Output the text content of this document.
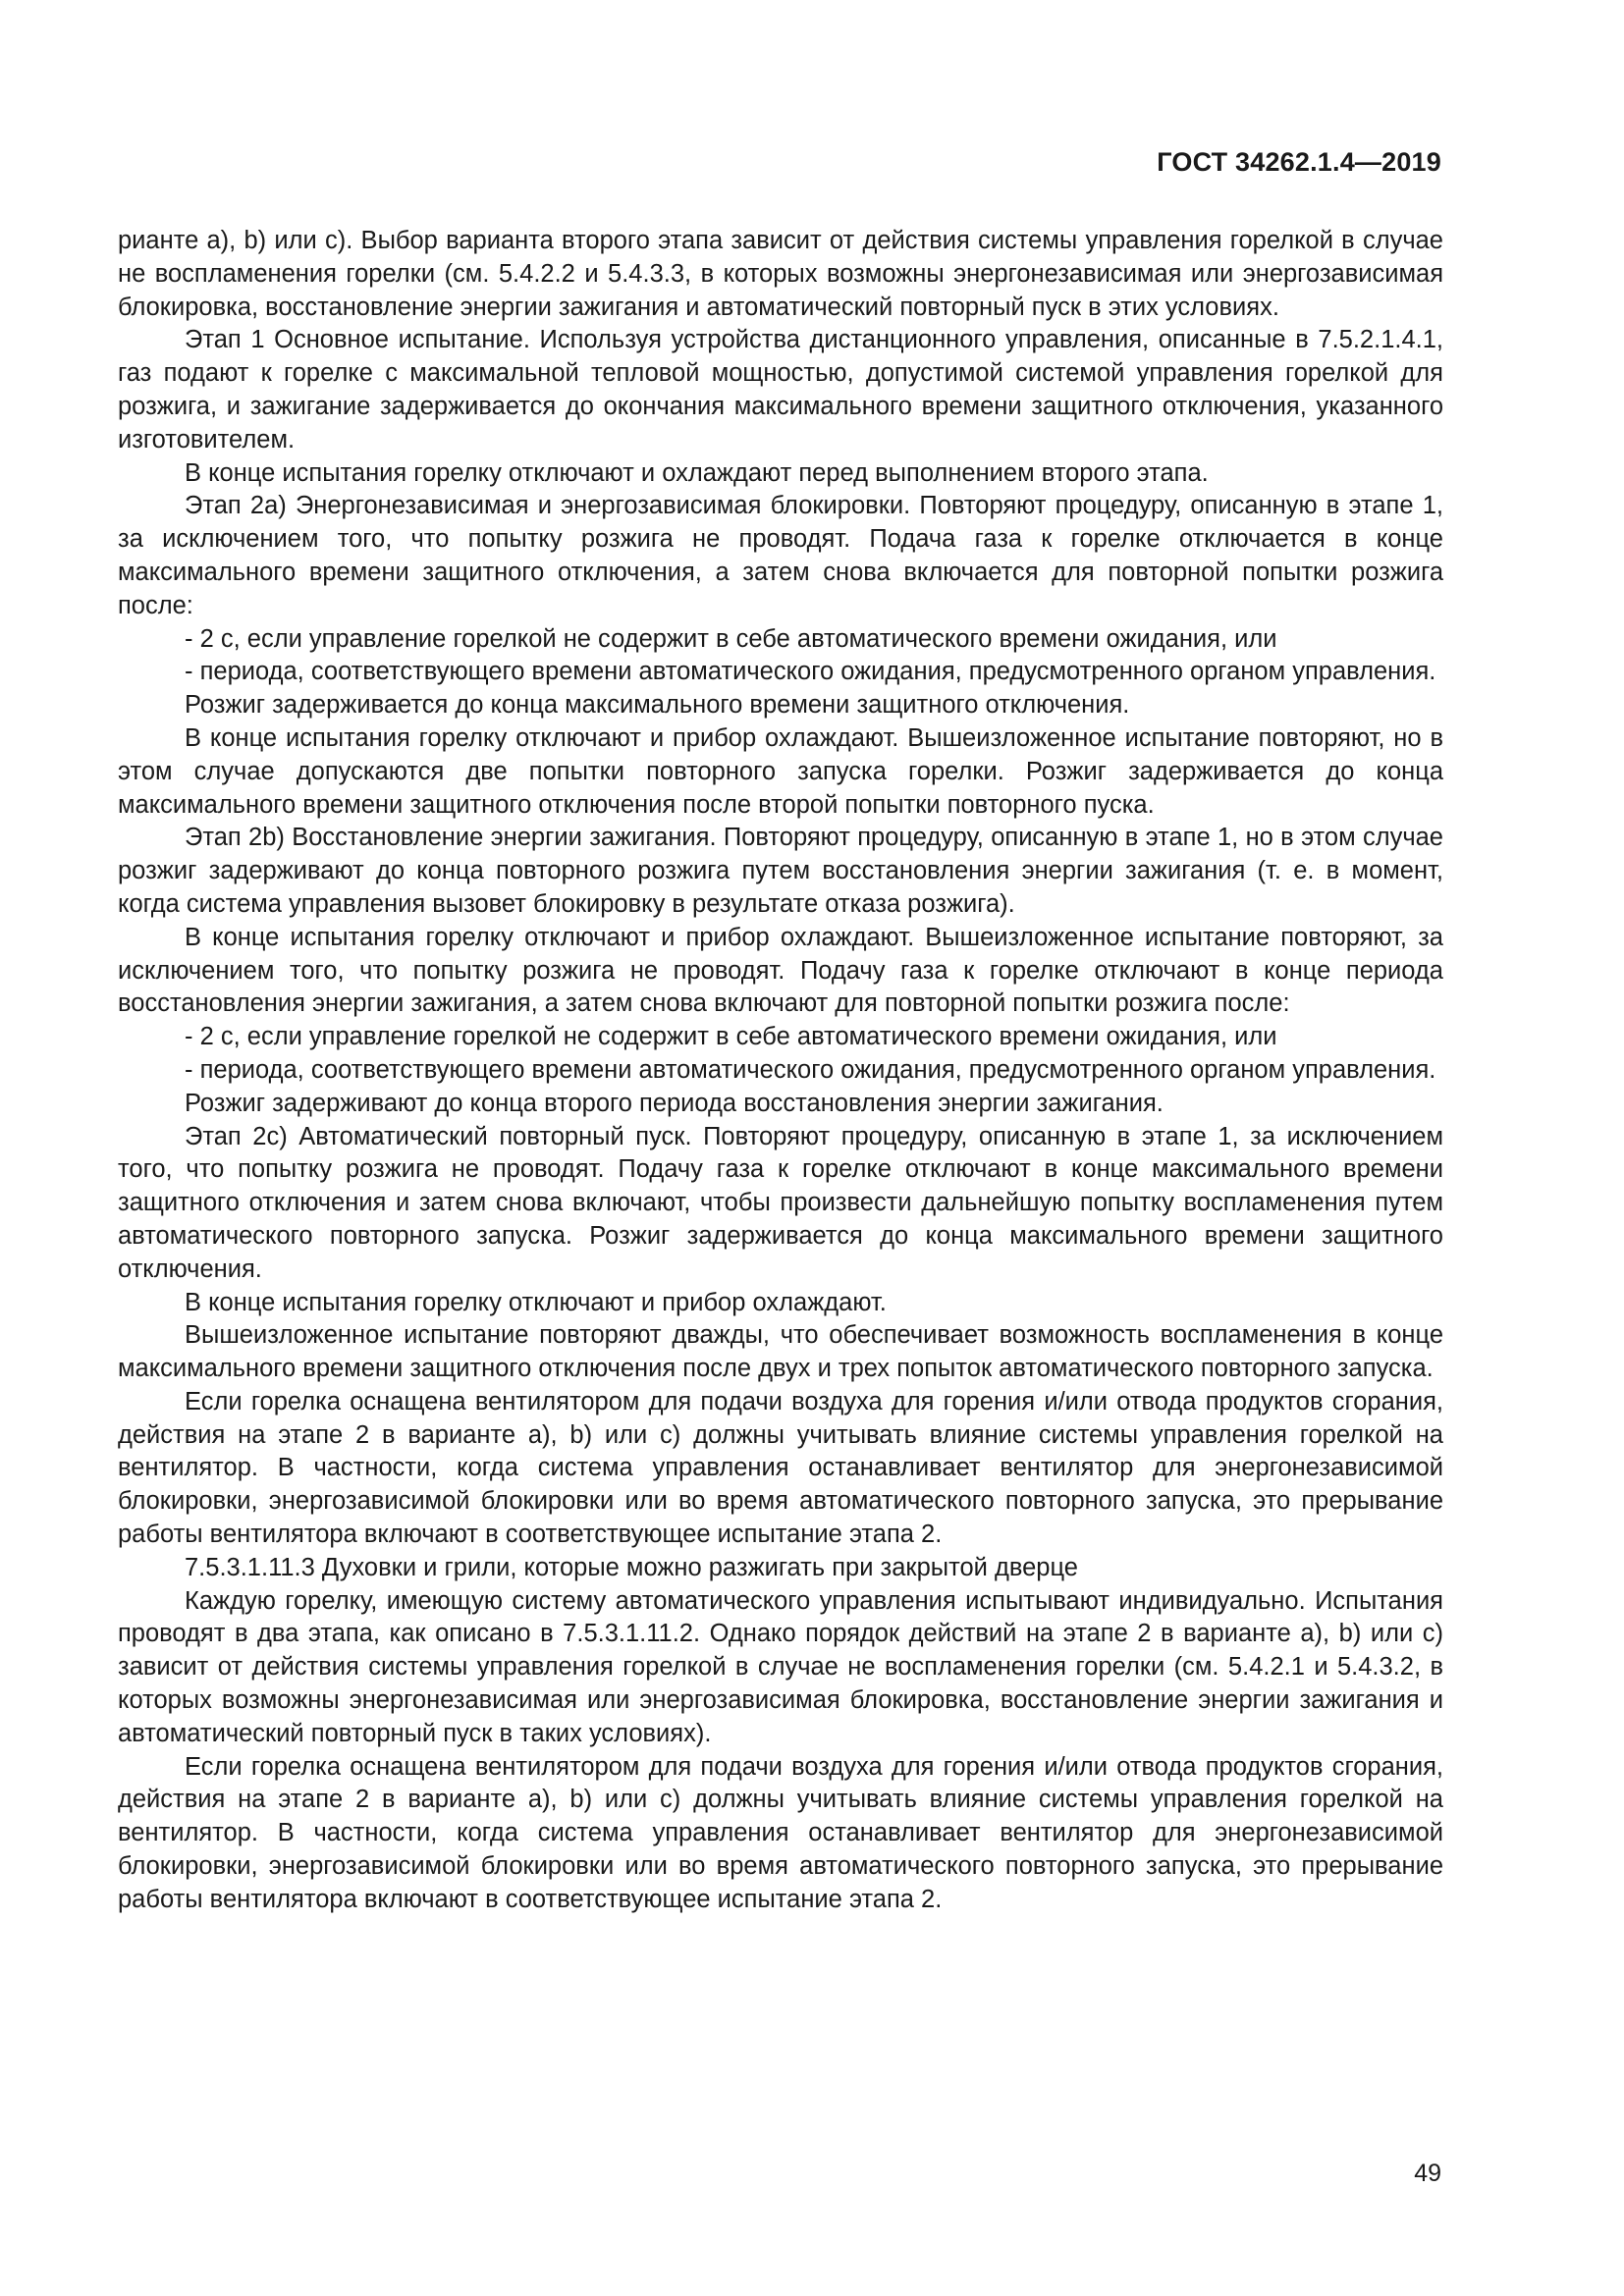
ГОСТ 34262.1.4—2019

рианте а), b) или с). Выбор варианта второго этапа зависит от действия системы управления горелкой в случае не воспламенения горелки (см. 5.4.2.2 и 5.4.3.3, в которых возможны энергонезависимая или энергозависимая блокировка, восстановление энергии зажигания и автоматический повторный пуск в этих условиях.

Этап 1 Основное испытание. Используя устройства дистанционного управления, описанные в 7.5.2.1.4.1, газ подают к горелке с максимальной тепловой мощностью, допустимой системой управления горелкой для розжига, и зажигание задерживается до окончания максимального времени защитного отключения, указанного изготовителем.

В конце испытания горелку отключают и охлаждают перед выполнением второго этапа.

Этап 2а) Энергонезависимая и энергозависимая блокировки. Повторяют процедуру, описанную в этапе 1, за исключением того, что попытку розжига не проводят. Подача газа к горелке отключается в конце максимального времени защитного отключения, а затем снова включается для повторной попытки розжига после:

- 2 с, если управление горелкой не содержит в себе автоматического времени ожидания, или

- периода, соответствующего времени автоматического ожидания, предусмотренного органом управления.

Розжиг задерживается до конца максимального времени защитного отключения.

В конце испытания горелку отключают и прибор охлаждают. Вышеизложенное испытание повторяют, но в этом случае допускаются две попытки повторного запуска горелки. Розжиг задерживается до конца максимального времени защитного отключения после второй попытки повторного пуска.

Этап 2b) Восстановление энергии зажигания. Повторяют процедуру, описанную в этапе 1, но в этом случае розжиг задерживают до конца повторного розжига путем восстановления энергии зажигания (т. е. в момент, когда система управления вызовет блокировку в результате отказа розжига).

В конце испытания горелку отключают и прибор охлаждают. Вышеизложенное испытание повторяют, за исключением того, что попытку розжига не проводят. Подачу газа к горелке отключают в конце периода восстановления энергии зажигания, а затем снова включают для повторной попытки розжига после:

- 2 с, если управление горелкой не содержит в себе автоматического времени ожидания, или

- периода, соответствующего времени автоматического ожидания, предусмотренного органом управления.

Розжиг задерживают до конца второго периода восстановления энергии зажигания.

Этап 2с) Автоматический повторный пуск. Повторяют процедуру, описанную в этапе 1, за исключением того, что попытку розжига не проводят. Подачу газа к горелке отключают в конце максимального времени защитного отключения и затем снова включают, чтобы произвести дальнейшую попытку воспламенения путем автоматического повторного запуска. Розжиг задерживается до конца максимального времени защитного отключения.

В конце испытания горелку отключают и прибор охлаждают.

Вышеизложенное испытание повторяют дважды, что обеспечивает возможность воспламенения в конце максимального времени защитного отключения после двух и трех попыток автоматического повторного запуска.

Если горелка оснащена вентилятором для подачи воздуха для горения и/или отвода продуктов сгорания, действия на этапе 2 в варианте а), b) или с) должны учитывать влияние системы управления горелкой на вентилятор. В частности, когда система управления останавливает вентилятор для энергонезависимой блокировки, энергозависимой блокировки или во время автоматического повторного запуска, это прерывание работы вентилятора включают в соответствующее испытание этапа 2.

7.5.3.1.11.3 Духовки и грили, которые можно разжигать при закрытой дверце

Каждую горелку, имеющую систему автоматического управления испытывают индивидуально. Испытания проводят в два этапа, как описано в 7.5.3.1.11.2. Однако порядок действий на этапе 2 в варианте а), b) или с) зависит от действия системы управления горелкой в случае не воспламенения горелки (см. 5.4.2.1 и 5.4.3.2, в которых возможны энергонезависимая или энергозависимая блокировка, восстановление энергии зажигания и автоматический повторный пуск в таких условиях).

Если горелка оснащена вентилятором для подачи воздуха для горения и/или отвода продуктов сгорания, действия на этапе 2 в варианте а), b) или с) должны учитывать влияние системы управления горелкой на вентилятор. В частности, когда система управления останавливает вентилятор для энергонезависимой блокировки, энергозависимой блокировки или во время автоматического повторного запуска, это прерывание работы вентилятора включают в соответствующее испытание этапа 2.

49
